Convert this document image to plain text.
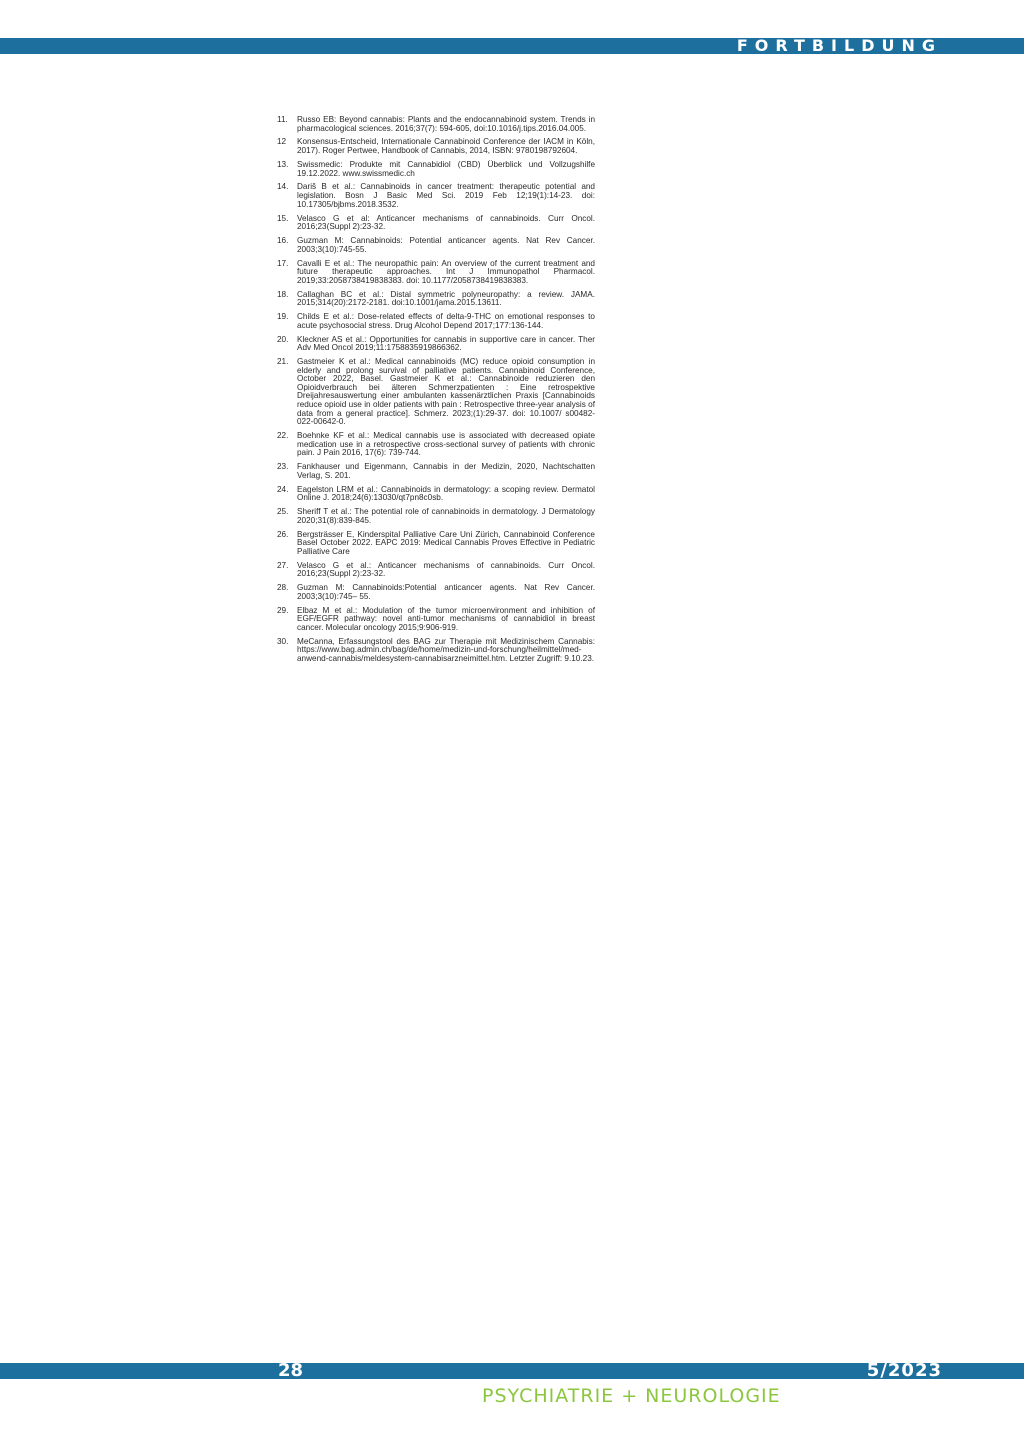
FORTBILDUNG
11.	Russo EB: Beyond cannabis: Plants and the endocannabinoid system. Trends in pharmacological sciences. 2016;37(7): 594-605, doi:10.1016/j.tips.2016.04.005.
12	Konsensus-Entscheid, Internationale Cannabinoid Conference der IACM in Köln, 2017). Roger Pertwee, Handbook of Cannabis, 2014, ISBN: 9780198792604.
13.	Swissmedic: Produkte mit Cannabidiol (CBD) Überblick und Vollzugshilfe 19.12.2022. www.swissmedic.ch
14.	Dariš B et al.: Cannabinoids in cancer treatment: therapeutic potential and legislation. Bosn J Basic Med Sci. 2019 Feb 12;19(1):14-23. doi: 10.17305/bjbms.2018.3532.
15.	Velasco G et al: Anticancer mechanisms of cannabinoids. Curr Oncol. 2016;23(Suppl 2):23-32.
16.	Guzman M: Cannabinoids: Potential anticancer agents. Nat Rev Cancer. 2003;3(10):745-55.
17.	Cavalli E et al.: The neuropathic pain: An overview of the current treatment and future therapeutic approaches. Int J Immunopathol Pharmacol. 2019;33:2058738419838383. doi: 10.1177/2058738419838383.
18.	Callaghan BC et al.: Distal symmetric polyneuropathy: a review. JAMA. 2015;314(20):2172-2181. doi:10.1001/jama.2015.13611.
19.	Childs E et al.: Dose-related effects of delta-9-THC on emotional responses to acute psychosocial stress. Drug Alcohol Depend 2017;177:136-144.
20.	Kleckner AS et al.: Opportunities for cannabis in supportive care in cancer. Ther Adv Med Oncol 2019;11:1758835919866362.
21.	Gastmeier K et al.: Medical cannabinoids (MC) reduce opioid consumption in elderly and prolong survival of palliative patients. Cannabinoid Conference, October 2022, Basel. Gastmeier K et al.: Cannabinoide reduzieren den Opioidverbrauch bei älteren Schmerzpatienten : Eine retrospektive Dreijahresauswertung einer ambulanten kassenärztlichen Praxis [Cannabinoids reduce opioid use in older patients with pain : Retrospective three-year analysis of data from a general practice]. Schmerz. 2023;(1):29-37. doi: 10.1007/ s00482-022-00642-0.
22.	Boehnke KF et al.: Medical cannabis use is associated with decreased opiate medication use in a retrospective cross-sectional survey of patients with chronic pain. J Pain 2016, 17(6): 739-744.
23.	Fankhauser und Eigenmann, Cannabis in der Medizin, 2020, Nachtschatten Verlag, S. 201.
24.	Eagelston LRM et al.: Cannabinoids in dermatology: a scoping review. Dermatol Online J. 2018;24(6):13030/qt7pn8c0sb.
25.	Sheriff T et al.: The potential role of cannabinoids in dermatology. J Dermatology 2020;31(8):839-845.
26.	Bergsträsser E, Kinderspital Palliative Care Uni Zürich, Cannabinoid Conference Basel October 2022. EAPC 2019: Medical Cannabis Proves Effective in Pediatric Palliative Care
27.	Velasco G et al.: Anticancer mechanisms of cannabinoids. Curr Oncol. 2016;23(Suppl 2):23-32.
28.	Guzman M: Cannabinoids:Potential anticancer agents. Nat Rev Cancer. 2003;3(10):745– 55.
29.	Elbaz M et al.: Modulation of the tumor microenvironment and inhibition of EGF/EGFR pathway: novel anti-tumor mechanisms of cannabidiol in breast cancer. Molecular oncology 2015;9:906-919.
30.	MeCanna, Erfassungstool des BAG zur Therapie mit Medizinischem Cannabis: https://www.bag.admin.ch/bag/de/home/medizin-und-forschung/heilmittel/med-anwend-cannabis/meldesystem-cannabisarzneimittel.htm. Letzter Zugriff: 9.10.23.
28	5/2023
PSYCHIATRIE + NEUROLOGIE
